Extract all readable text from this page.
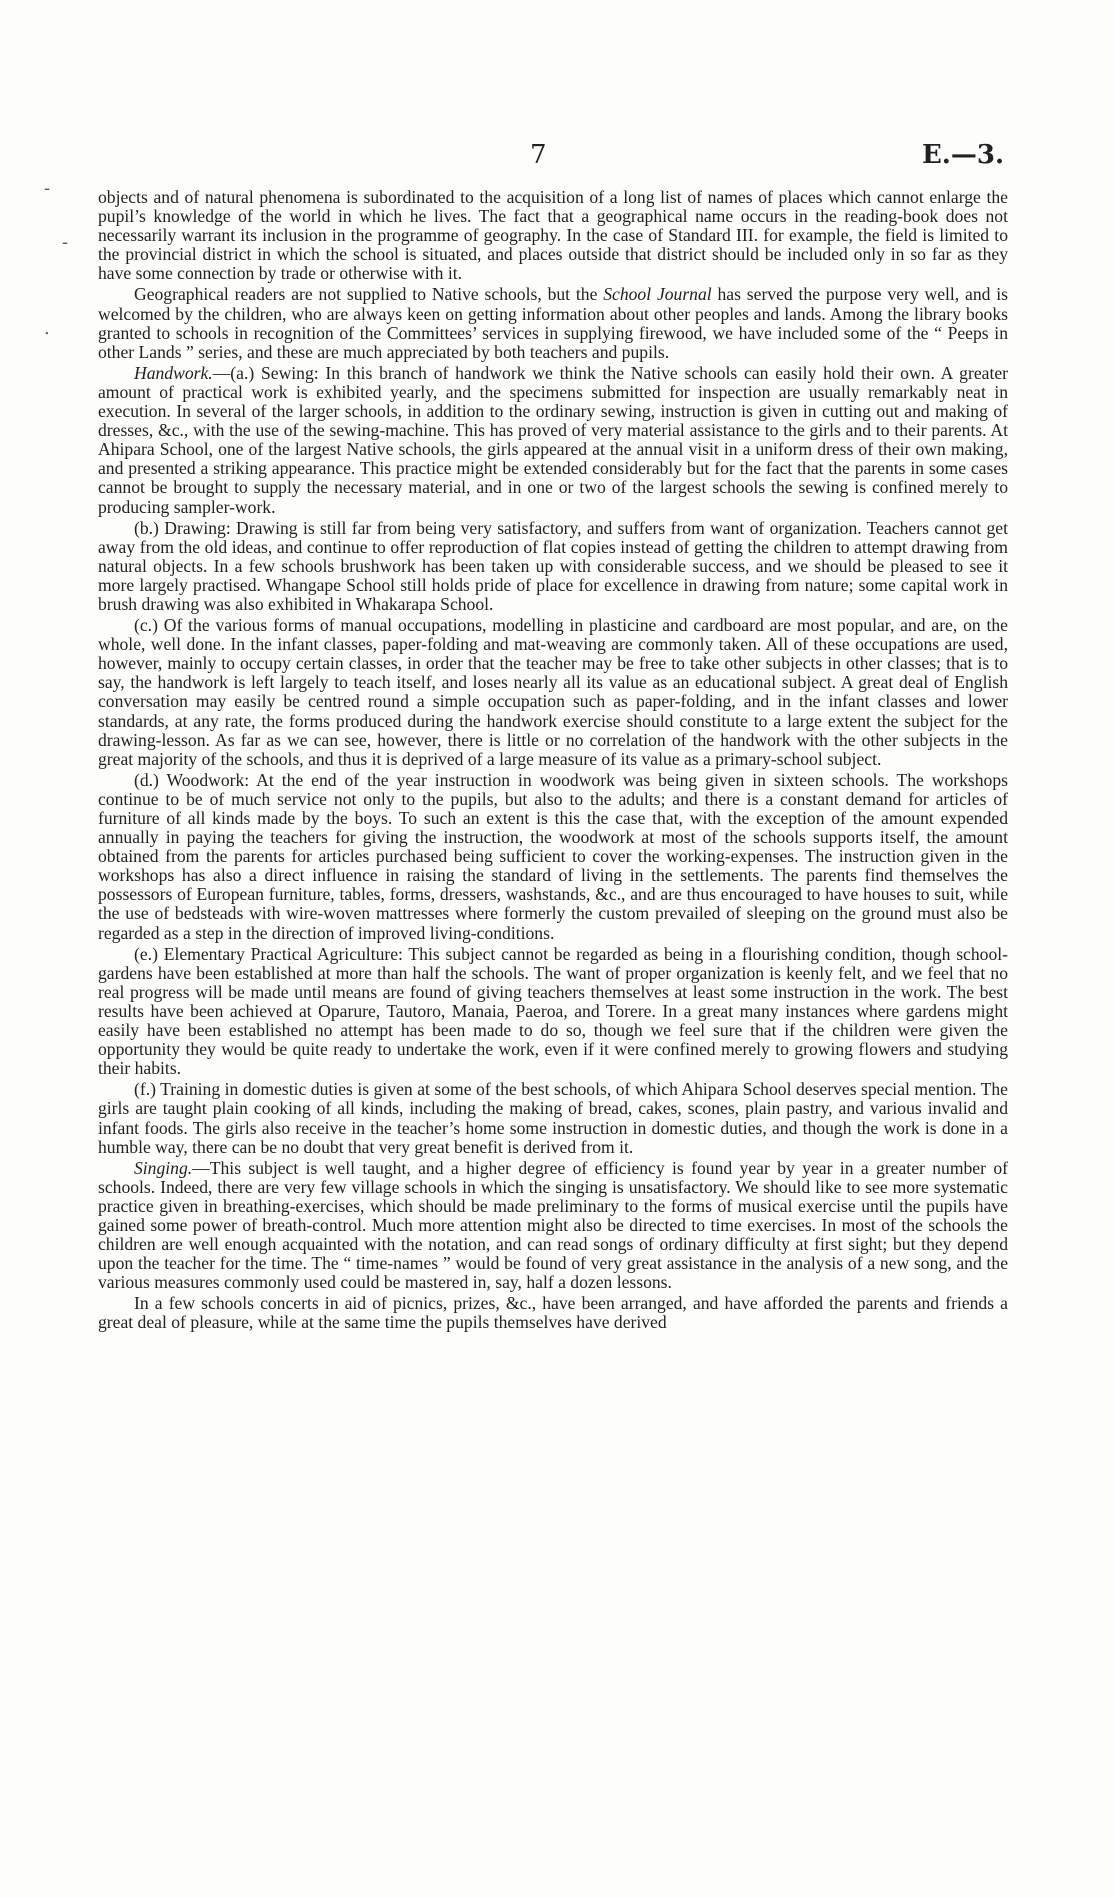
7	E.—3.
-
-
.

objects and of natural phenomena is subordinated to the acquisition of a long list of names of places which cannot enlarge the pupil’s knowledge of the world in which he lives. The fact that a geographical name occurs in the reading-book does not necessarily warrant its inclusion in the programme of geography. In the case of Standard III. for example, the field is limited to the provincial district in which the school is situated, and places outside that district should be included only in so far as they have some connection by trade or otherwise with it.

Geographical readers are not supplied to Native schools, but the School Journal has served the purpose very well, and is welcomed by the children, who are always keen on getting information about other peoples and lands. Among the library books granted to schools in recognition of the Committees’ services in supplying firewood, we have included some of the “ Peeps in other Lands ” series, and these are much appreciated by both teachers and pupils.

Handwork.—(a.) Sewing: In this branch of handwork we think the Native schools can easily hold their own. A greater amount of practical work is exhibited yearly, and the specimens submitted for inspection are usually remarkably neat in execution. In several of the larger schools, in addition to the ordinary sewing, instruction is given in cutting out and making of dresses, &c., with the use of the sewing-machine. This has proved of very material assistance to the girls and to their parents. At Ahipara School, one of the largest Native schools, the girls appeared at the annual visit in a uniform dress of their own making, and presented a striking appearance. This practice might be extended considerably but for the fact that the parents in some cases cannot be brought to supply the necessary material, and in one or two of the largest schools the sewing is confined merely to producing sampler-work.

(b.) Drawing: Drawing is still far from being very satisfactory, and suffers from want of organization. Teachers cannot get away from the old ideas, and continue to offer reproduction of flat copies instead of getting the children to attempt drawing from natural objects. In a few schools brushwork has been taken up with considerable success, and we should be pleased to see it more largely practised. Whangape School still holds pride of place for excellence in drawing from nature; some capital work in brush drawing was also exhibited in Whakarapa School.

(c.) Of the various forms of manual occupations, modelling in plasticine and cardboard are most popular, and are, on the whole, well done. In the infant classes, paper-folding and mat-weaving are commonly taken. All of these occupations are used, however, mainly to occupy certain classes, in order that the teacher may be free to take other subjects in other classes; that is to say, the handwork is left largely to teach itself, and loses nearly all its value as an educational subject. A great deal of English conversation may easily be centred round a simple occupation such as paper-folding, and in the infant classes and lower standards, at any rate, the forms produced during the handwork exercise should constitute to a large extent the subject for the drawing-lesson. As far as we can see, however, there is little or no correlation of the handwork with the other subjects in the great majority of the schools, and thus it is deprived of a large measure of its value as a primary-school subject.

(d.) Woodwork: At the end of the year instruction in woodwork was being given in sixteen schools. The workshops continue to be of much service not only to the pupils, but also to the adults; and there is a constant demand for articles of furniture of all kinds made by the boys. To such an extent is this the case that, with the exception of the amount expended annually in paying the teachers for giving the instruction, the woodwork at most of the schools supports itself, the amount obtained from the parents for articles purchased being sufficient to cover the working-expenses. The instruction given in the workshops has also a direct influence in raising the standard of living in the settlements. The parents find themselves the possessors of European furniture, tables, forms, dressers, washstands, &c., and are thus encouraged to have houses to suit, while the use of bedsteads with wire-woven mattresses where formerly the custom prevailed of sleeping on the ground must also be regarded as a step in the direction of improved living-conditions.

(e.) Elementary Practical Agriculture: This subject cannot be regarded as being in a flourishing condition, though school-gardens have been established at more than half the schools. The want of proper organization is keenly felt, and we feel that no real progress will be made until means are found of giving teachers themselves at least some instruction in the work. The best results have been achieved at Oparure, Tautoro, Manaia, Paeroa, and Torere. In a great many instances where gardens might easily have been established no attempt has been made to do so, though we feel sure that if the children were given the opportunity they would be quite ready to undertake the work, even if it were confined merely to growing flowers and studying their habits.

(f.) Training in domestic duties is given at some of the best schools, of which Ahipara School deserves special mention. The girls are taught plain cooking of all kinds, including the making of bread, cakes, scones, plain pastry, and various invalid and infant foods. The girls also receive in the teacher’s home some instruction in domestic duties, and though the work is done in a humble way, there can be no doubt that very great benefit is derived from it.

Singing.—This subject is well taught, and a higher degree of efficiency is found year by year in a greater number of schools. Indeed, there are very few village schools in which the singing is unsatisfactory. We should like to see more systematic practice given in breathing-exercises, which should be made preliminary to the forms of musical exercise until the pupils have gained some power of breath-control. Much more attention might also be directed to time exercises. In most of the schools the children are well enough acquainted with the notation, and can read songs of ordinary difficulty at first sight; but they depend upon the teacher for the time. The “ time-names ” would be found of very great assistance in the analysis of a new song, and the various measures commonly used could be mastered in, say, half a dozen lessons.

In a few schools concerts in aid of picnics, prizes, &c., have been arranged, and have afforded the parents and friends a great deal of pleasure, while at the same time the pupils themselves have derived
